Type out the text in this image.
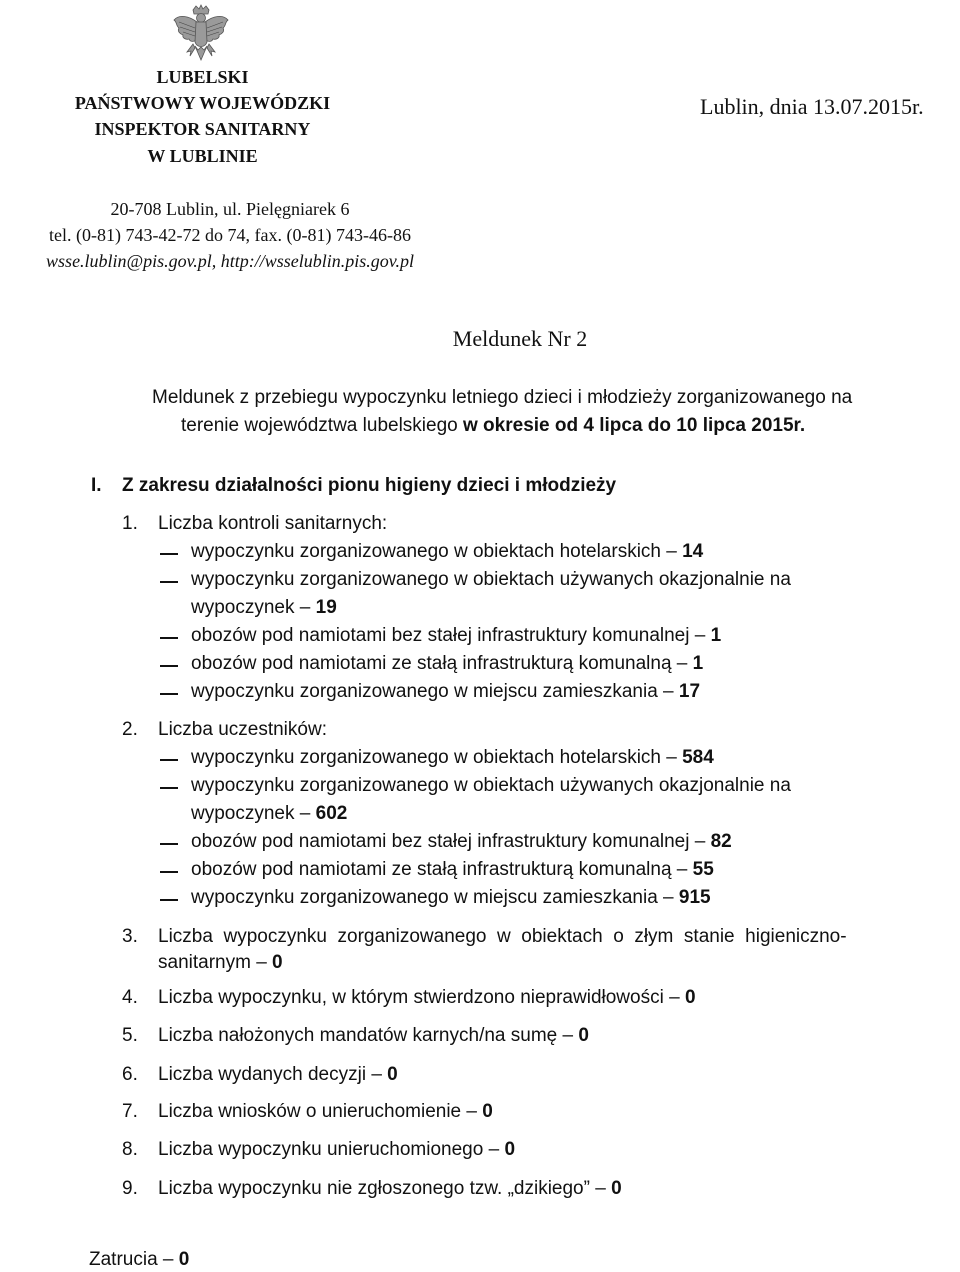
LUBELSKI
PAŃSTWOWY WOJEWÓDZKI
INSPEKTOR SANITARNY
W LUBLINIE
Lublin, dnia 13.07.2015r.
20-708 Lublin, ul. Pielęgniarek 6
tel. (0-81) 743-42-72 do 74, fax. (0-81) 743-46-86
wsse.lublin@pis.gov.pl, http://wsselublin.pis.gov.pl
Meldunek Nr 2
Meldunek z przebiegu wypoczynku letniego dzieci i młodzieży zorganizowanego na
terenie województwa lubelskiego w okresie od 4 lipca do 10 lipca 2015r.
I. Z zakresu działalności pionu higieny dzieci i młodzieży
1. Liczba kontroli sanitarnych:
wypoczynku zorganizowanego w obiektach hotelarskich – 14
wypoczynku zorganizowanego w obiektach używanych okazjonalnie na
wypoczynek – 19
obozów pod namiotami bez stałej infrastruktury komunalnej – 1
obozów pod namiotami ze stałą infrastrukturą komunalną – 1
wypoczynku zorganizowanego w miejscu zamieszkania – 17
2. Liczba uczestników:
wypoczynku zorganizowanego w obiektach hotelarskich – 584
wypoczynku zorganizowanego w obiektach używanych okazjonalnie na
wypoczynek – 602
obozów pod namiotami bez stałej infrastruktury komunalnej – 82
obozów pod namiotami ze stałą infrastrukturą komunalną – 55
wypoczynku zorganizowanego w miejscu zamieszkania – 915
3. Liczba  wypoczynku  zorganizowanego  w  obiektach  o  złym  stanie  higieniczno-
sanitarnym – 0
4. Liczba wypoczynku, w którym stwierdzono nieprawidłowości – 0
5. Liczba nałożonych mandatów karnych/na sumę – 0
6. Liczba wydanych decyzji – 0
7. Liczba wniosków o unieruchomienie – 0
8. Liczba wypoczynku unieruchomionego – 0
9. Liczba wypoczynku nie zgłoszonego tzw. „dzikiego” – 0
Zatrucia – 0
